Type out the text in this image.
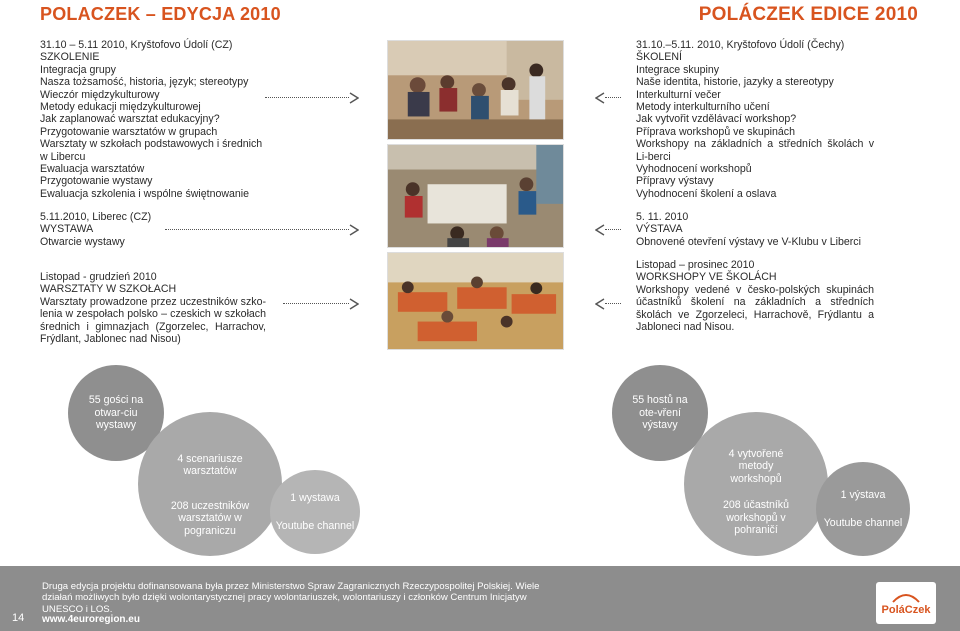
POLACZEK – EDYCJA 2010	POLÁCZEK EDICE 2010
31.10 – 5.11 2010, Kryštofovo Údolí (CZ)
SZKOLENIE
Integracja grupy
Nasza tożsamość, historia, język; stereotypy
Wieczór międzykulturowy
Metody edukacji międzykulturowej
Jak zaplanować warsztat edukacyjny?
Przygotowanie warsztatów w grupach
Warsztaty w szkołach podstawowych i średnich
w Libercu
Ewaluacja warsztatów
Przygotowanie wystawy
Ewaluacja szkolenia i wspólne świętnowanie
5.11.2010, Liberec (CZ)
WYSTAWA
Otwarcie wystawy
Listopad - grudzień 2010
WARSZTATY W SZKOŁACH
Warsztaty prowadzone przez uczestników szko-lenia w zespołach polsko – czeskich w szkołach średnich i gimnazjach (Zgorzelec, Harrachov, Frýdlant, Jablonec nad Nisou)
31.10.–5.11. 2010, Kryštofovo Údolí (Čechy)
ŠKOLENÍ
Integrace skupiny
Naše identita, historie, jazyky a stereotypy
Interkulturní večer
Metody interkulturního učení
Jak vytvořit vzdělávací workshop?
Příprava workshopů ve skupinách
Workshopy na základních a středních školách v Li-berci
Vyhodnocení workshopů
Přípravy výstavy
Vyhodnocení školení a oslava
5. 11. 2010
VÝSTAVA
Obnovené otevření výstavy ve V-Klubu v Liberci
Listopad – prosinec 2010
WORKSHOPY VE ŠKOLÁCH
Workshopy vedené v česko-polských skupinách účastníků školení na základních a středních školách ve Zgorzeleci, Harrachově, Frýdlantu a Jabloneci nad Nisou.
55 gości na otwar-ciu wystawy
4 scenariusze warsztatów
208 uczestników warsztatów w pograniczu
1 wystawa
Youtube channel
55 hostů na ote-vření výstavy
4 vytvořené metody workshopů
208 účastníků workshopů v pohraničí
1 výstava
Youtube channel
Druga edycja projektu dofinansowana była przez Ministerstwo Spraw Zagranicznych Rzeczypospolitej Polskiej. Wiele działań możliwych było dzięki wolontarystycznej pracy wolontariuszek, wolontariuszy i członków Centrum Inicjatyw UNESCO i LOS.
14 www.4euroregion.eu
PoláCzek
